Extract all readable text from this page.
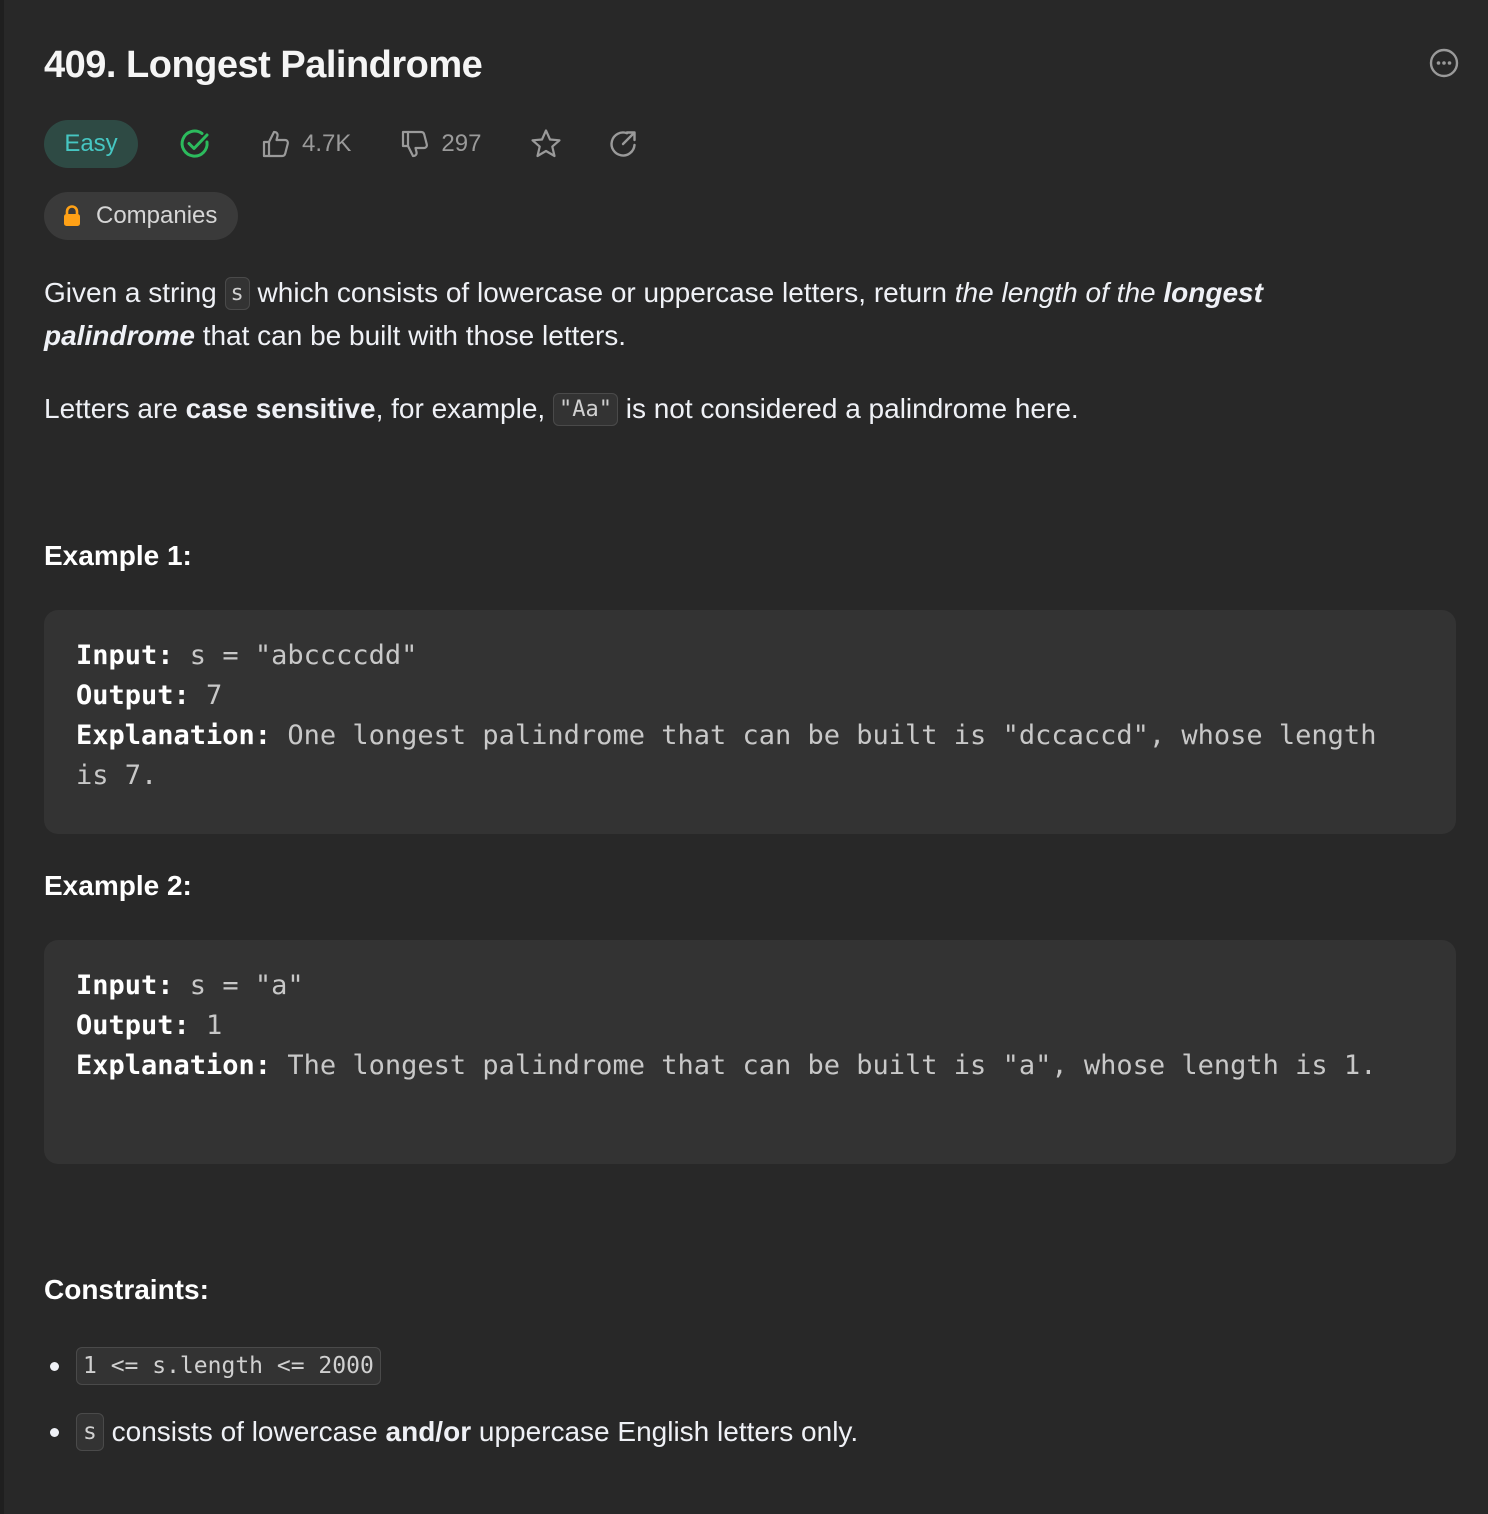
409. Longest Palindrome
Easy	4.7K	297
Companies

Given a string s which consists of lowercase or uppercase letters, return the length of the longest palindrome that can be built with those letters.

Letters are case sensitive, for example, "Aa" is not considered a palindrome here.

Example 1:
Input: s = "abccccdd"
Output: 7
Explanation: One longest palindrome that can be built is "dccaccd", whose length is 7.
Example 2:
Input: s = "a"
Output: 1
Explanation: The longest palindrome that can be built is "a", whose length is 1.
Constraints:
1 <= s.length <= 2000
s consists of lowercase and/or uppercase English letters only.
